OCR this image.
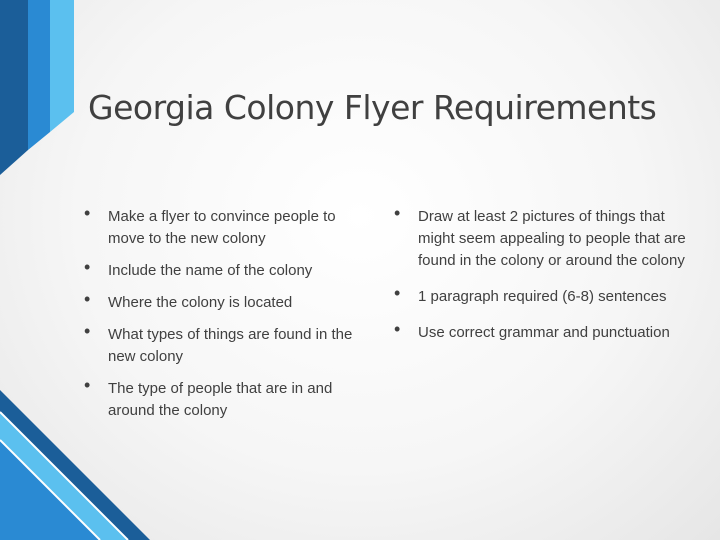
Georgia Colony Flyer Requirements
• Make a flyer to convince people to move to the new colony
• Include the name of the colony
• Where the colony is located
• What types of things are found in the new colony
• The type of people that are in and around the colony
• Draw at least 2 pictures of things that might seem appealing to people that are found in the colony or around the colony
• 1 paragraph required (6-8) sentences
• Use correct grammar and punctuation
